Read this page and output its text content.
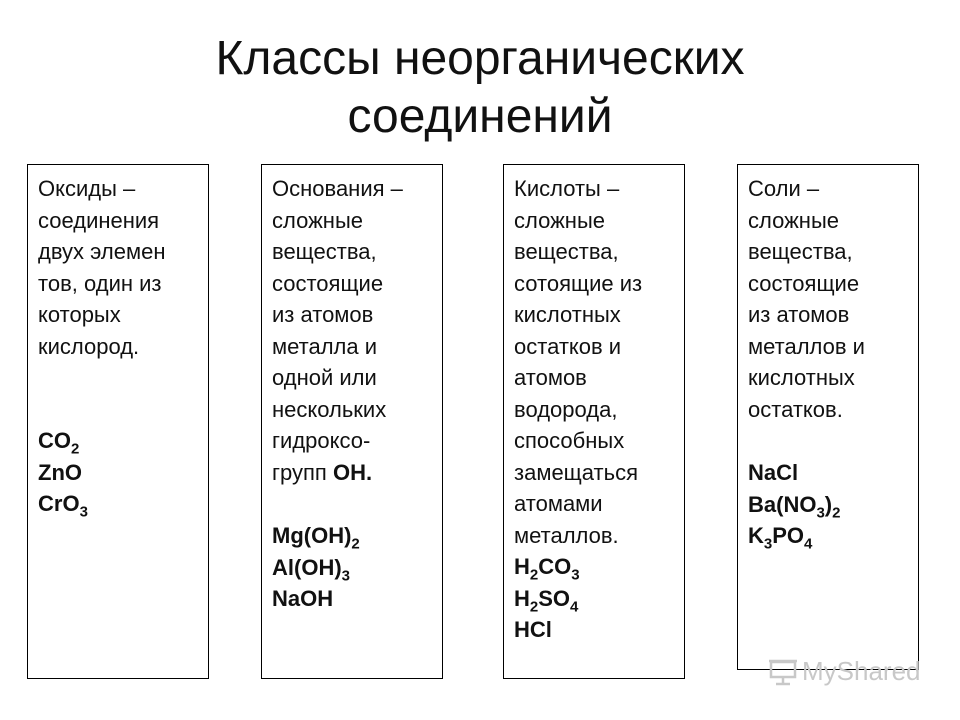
Классы неорганических
соединений
Оксиды –
соединения
двух элемен
тов, один из
которых
кислород.
$CO_2$
ZnO
CrO$_3$
Основания –
сложные
вещества,
состоящие
из атомов
металла и
одной или
нескольких
гидроксо-
групп ОН.
$Mg(OH)_2$
$Al(OH)_3$
NaOH
Кислоты –
сложные
вещества,
сотоящие из
кислотных
остатков и
атомов
водорода,
способных
замещаться
атомами
металлов.
$H_2CO_3$
$H_2SO_4$
HCl
Соли –
сложные
вещества,
состоящие
из атомов
металлов и
кислотных
остатков.
NaCl
$Ba(NO_3)_2$
$K_3PO_4$
MyShared
